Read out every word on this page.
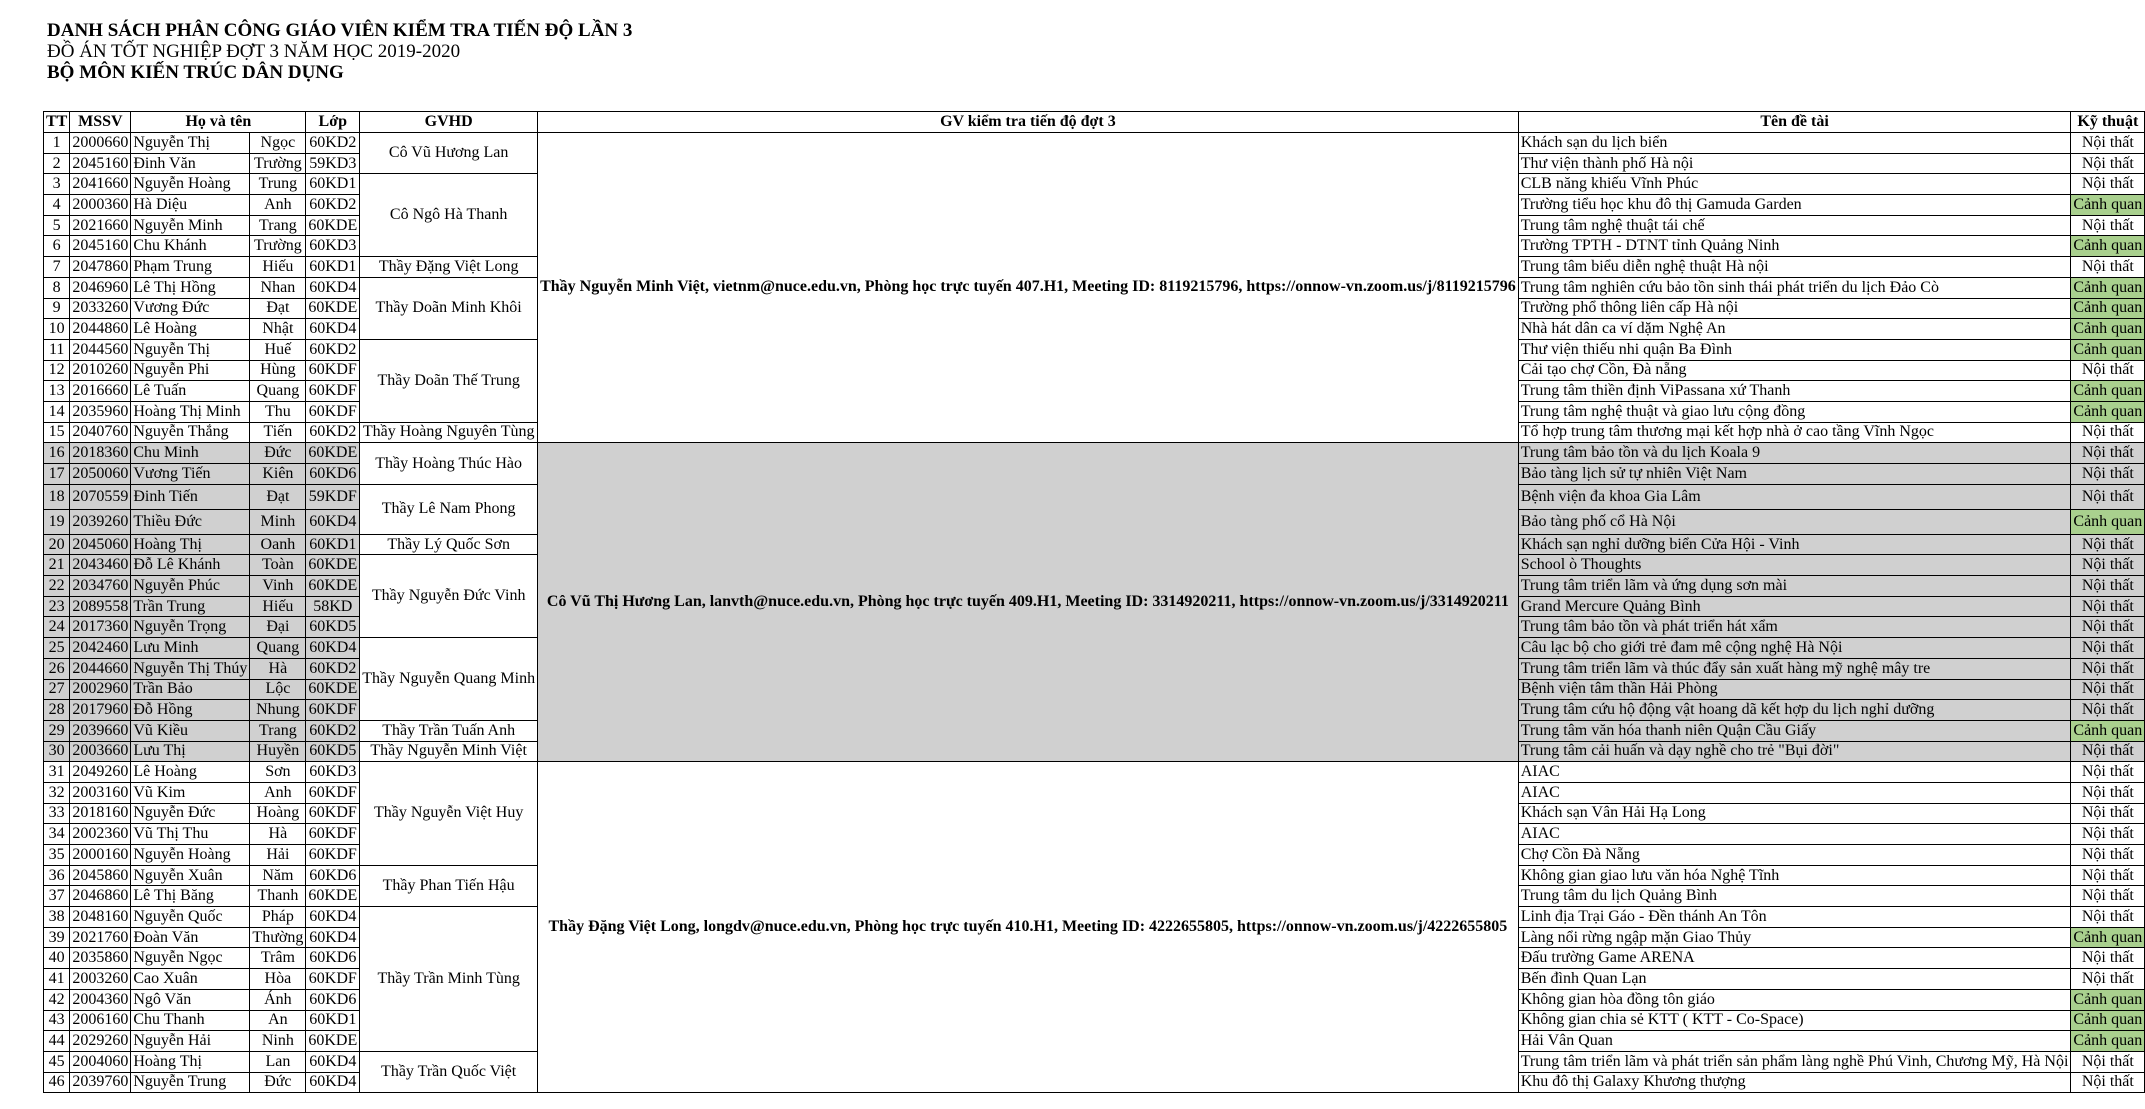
DANH SÁCH PHÂN CÔNG GIÁO VIÊN KIỂM TRA TIẾN ĐỘ LẦN 3
ĐỒ ÁN TỐT NGHIỆP ĐỢT 3 NĂM HỌC 2019-2020
BỘ MÔN KIẾN TRÚC DÂN DỤNG
TT	MSSV	Họ và tên		Lớp	GVHD	GV kiểm tra tiến độ đợt 3	Tên đề tài	Kỹ thuật
1	2000660	Nguyễn Thị	Ngọc	60KD2	Cô Vũ Hương Lan	Thầy Nguyễn Minh Việt, vietnm@nuce.edu.vn, Phòng học trực tuyến 407.H1, Meeting ID: 8119215796, https://onnow-vn.zoom.us/j/8119215796	Khách sạn du lịch biển	Nội thất
2	2045160	Đinh Văn	Trường	59KD3			Thư viện thành phố Hà nội	Nội thất
3	2041660	Nguyễn Hoàng	Trung	60KD1	Cô Ngô Hà Thanh		CLB năng khiếu Vĩnh Phúc	Nội thất
4	2000360	Hà Diệu	Anh	60KD2			Trường tiểu học khu đô thị Gamuda Garden	Cảnh quan
5	2021660	Nguyễn Minh	Trang	60KDE			Trung tâm nghệ thuật tái chế	Nội thất
6	2045160	Chu Khánh	Trường	60KD3			Trường TPTH - DTNT tỉnh Quảng Ninh	Cảnh quan
7	2047860	Phạm Trung	Hiếu	60KD1	Thầy Đặng Việt Long		Trung tâm biểu diễn nghệ thuật Hà nội	Nội thất
8	2046960	Lê Thị Hồng	Nhan	60KD4	Thầy Doãn Minh Khôi		Trung tâm nghiên cứu bảo tồn sinh thái phát triển du lịch Đảo Cò	Cảnh quan
9	2033260	Vương Đức	Đạt	60KDE			Trường phổ thông liên cấp Hà nội	Cảnh quan
10	2044860	Lê Hoàng	Nhật	60KD4			Nhà hát dân ca ví dặm Nghệ An	Cảnh quan
11	2044560	Nguyễn Thị	Huế	60KD2	Thầy Doãn Thế Trung		Thư viện thiếu nhi quận Ba Đình	Cảnh quan
12	2010260	Nguyễn Phi	Hùng	60KDF			Cải tạo chợ Cồn, Đà nẵng	Nội thất
13	2016660	Lê Tuấn	Quang	60KDF			Trung tâm thiền định ViPassana xứ Thanh	Cảnh quan
14	2035960	Hoàng Thị Minh	Thu	60KDF			Trung tâm nghệ thuật và giao lưu cộng đồng	Cảnh quan
15	2040760	Nguyễn Thắng	Tiến	60KD2	Thầy Hoàng Nguyên Tùng		Tổ hợp trung tâm thương mại kết hợp nhà ở cao tầng Vĩnh Ngọc	Nội thất
16	2018360	Chu Minh	Đức	60KDE	Thầy Hoàng Thúc Hào	Cô Vũ Thị Hương Lan, lanvth@nuce.edu.vn, Phòng học trực tuyến 409.H1, Meeting ID: 3314920211, https://onnow-vn.zoom.us/j/3314920211	Trung tâm bảo tồn và du lịch Koala 9	Nội thất
17	2050060	Vương Tiến	Kiên	60KD6			Bảo tàng lịch sử tự nhiên Việt Nam	Nội thất
18	2070559	Đinh Tiến	Đạt	59KDF	Thầy Lê Nam Phong		Bệnh viện đa khoa Gia Lâm	Nội thất
19	2039260	Thiều Đức	Minh	60KD4			Bảo tàng phố cổ Hà Nội	Cảnh quan
20	2045060	Hoàng Thị	Oanh	60KD1	Thầy Lý Quốc Sơn		Khách sạn nghỉ dưỡng biển Cửa Hội - Vinh	Nội thất
21	2043460	Đỗ Lê Khánh	Toàn	60KDE	Thầy Nguyễn Đức Vinh		School ò Thoughts	Nội thất
22	2034760	Nguyễn Phúc	Vinh	60KDE			Trung tâm triển lãm và ứng dụng sơn mài	Nội thất
23	2089558	Trần Trung	Hiếu	58KD			Grand Mercure Quảng Bình	Nội thất
24	2017360	Nguyễn Trọng	Đại	60KD5			Trung tâm bảo tồn và phát triển hát xẩm	Nội thất
25	2042460	Lưu Minh	Quang	60KD4	Thầy Nguyễn Quang Minh		Câu lạc bộ cho giới trẻ đam mê cộng nghệ Hà Nội	Nội thất
26	2044660	Nguyễn Thị Thúy	Hà	60KD2			Trung tâm triển lãm và thúc đẩy sản xuất hàng mỹ nghệ mây tre	Nội thất
27	2002960	Trần Bảo	Lộc	60KDE			Bệnh viện tâm thần Hải Phòng	Nội thất
28	2017960	Đỗ Hồng	Nhung	60KDF			Trung tâm cứu hộ động vật hoang dã kết hợp du lịch nghỉ dưỡng	Nội thất
29	2039660	Vũ Kiều	Trang	60KD2	Thầy Trần Tuấn Anh		Trung tâm văn hóa thanh niên Quận Cầu Giấy	Cảnh quan
30	2003660	Lưu Thị	Huyền	60KD5	Thầy Nguyễn Minh Việt		Trung tâm cải huấn và dạy nghề cho trẻ "Bụi đời"	Nội thất
31	2049260	Lê Hoàng	Sơn	60KD3	Thầy Nguyễn Việt Huy	Thầy Đặng Việt Long, longdv@nuce.edu.vn, Phòng học trực tuyến 410.H1, Meeting ID: 4222655805, https://onnow-vn.zoom.us/j/4222655805	AIAC	Nội thất
32	2003160	Vũ Kim	Anh	60KDF			AIAC	Nội thất
33	2018160	Nguyễn Đức	Hoàng	60KDF			Khách sạn Vân Hải Hạ Long	Nội thất
34	2002360	Vũ Thị Thu	Hà	60KDF			AIAC	Nội thất
35	2000160	Nguyễn Hoàng	Hải	60KDF			Chợ Cồn Đà Nẵng	Nội thất
36	2045860	Nguyễn Xuân	Năm	60KD6	Thầy Phan Tiến Hậu		Không gian giao lưu văn hóa Nghệ Tĩnh	Nội thất
37	2046860	Lê Thị Băng	Thanh	60KDE			Trung tâm du lịch Quảng Bình	Nội thất
38	2048160	Nguyễn Quốc	Pháp	60KD4	Thầy Trần Minh Tùng		Linh địa Trại Gáo - Đền thánh An Tôn	Nội thất
39	2021760	Đoàn Văn	Thường	60KD4			Làng nổi rừng ngập mặn Giao Thủy	Cảnh quan
40	2035860	Nguyễn Ngọc	Trâm	60KD6			Đấu trường Game ARENA	Nội thất
41	2003260	Cao Xuân	Hòa	60KDF			Bến đình Quan Lạn	Nội thất
42	2004360	Ngô Văn	Ánh	60KD6			Không gian hòa đồng tôn giáo	Cảnh quan
43	2006160	Chu Thanh	An	60KD1			Không gian chia sẻ KTT ( KTT - Co-Space)	Cảnh quan
44	2029260	Nguyễn Hải	Ninh	60KDE			Hải Vân Quan	Cảnh quan
45	2004060	Hoàng Thị	Lan	60KD4	Thầy Trần Quốc Việt		Trung tâm triển lãm và phát triển sản phẩm làng nghề Phú Vinh, Chương Mỹ, Hà Nội	Nội thất
46	2039760	Nguyễn Trung	Đức	60KD4			Khu đô thị Galaxy Khương thượng	Nội thất
